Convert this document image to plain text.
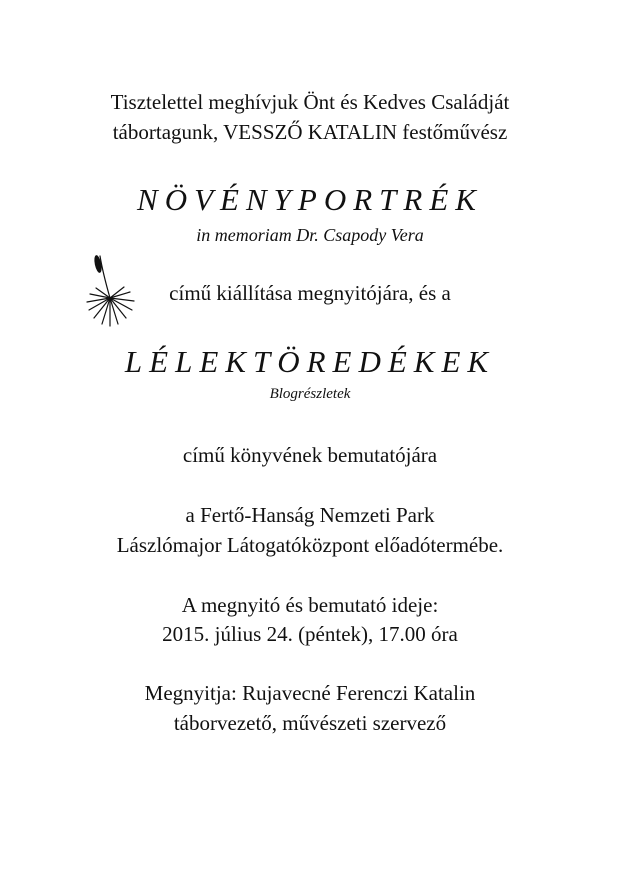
Tisztelettel meghívjuk Önt és Kedves Családját

tábortagunk, VESSZŐ KATALIN festőművész

NÖVÉNYPORTRÉK

in memoriam Dr. Csapody Vera

című kiállítása megnyitójára, és a

LÉLEKTÖREDÉKEK

Blogrészletek

című könyvének bemutatójára

a Fertő-Hanság Nemzeti Park

Lászlómajor Látogatóközpont előadótermébe.

A megnyitó és bemutató ideje:

2015. július 24. (péntek), 17.00 óra

Megnyitja: Rujavecné Ferenczi Katalin

táborvezető, művészeti szervező
